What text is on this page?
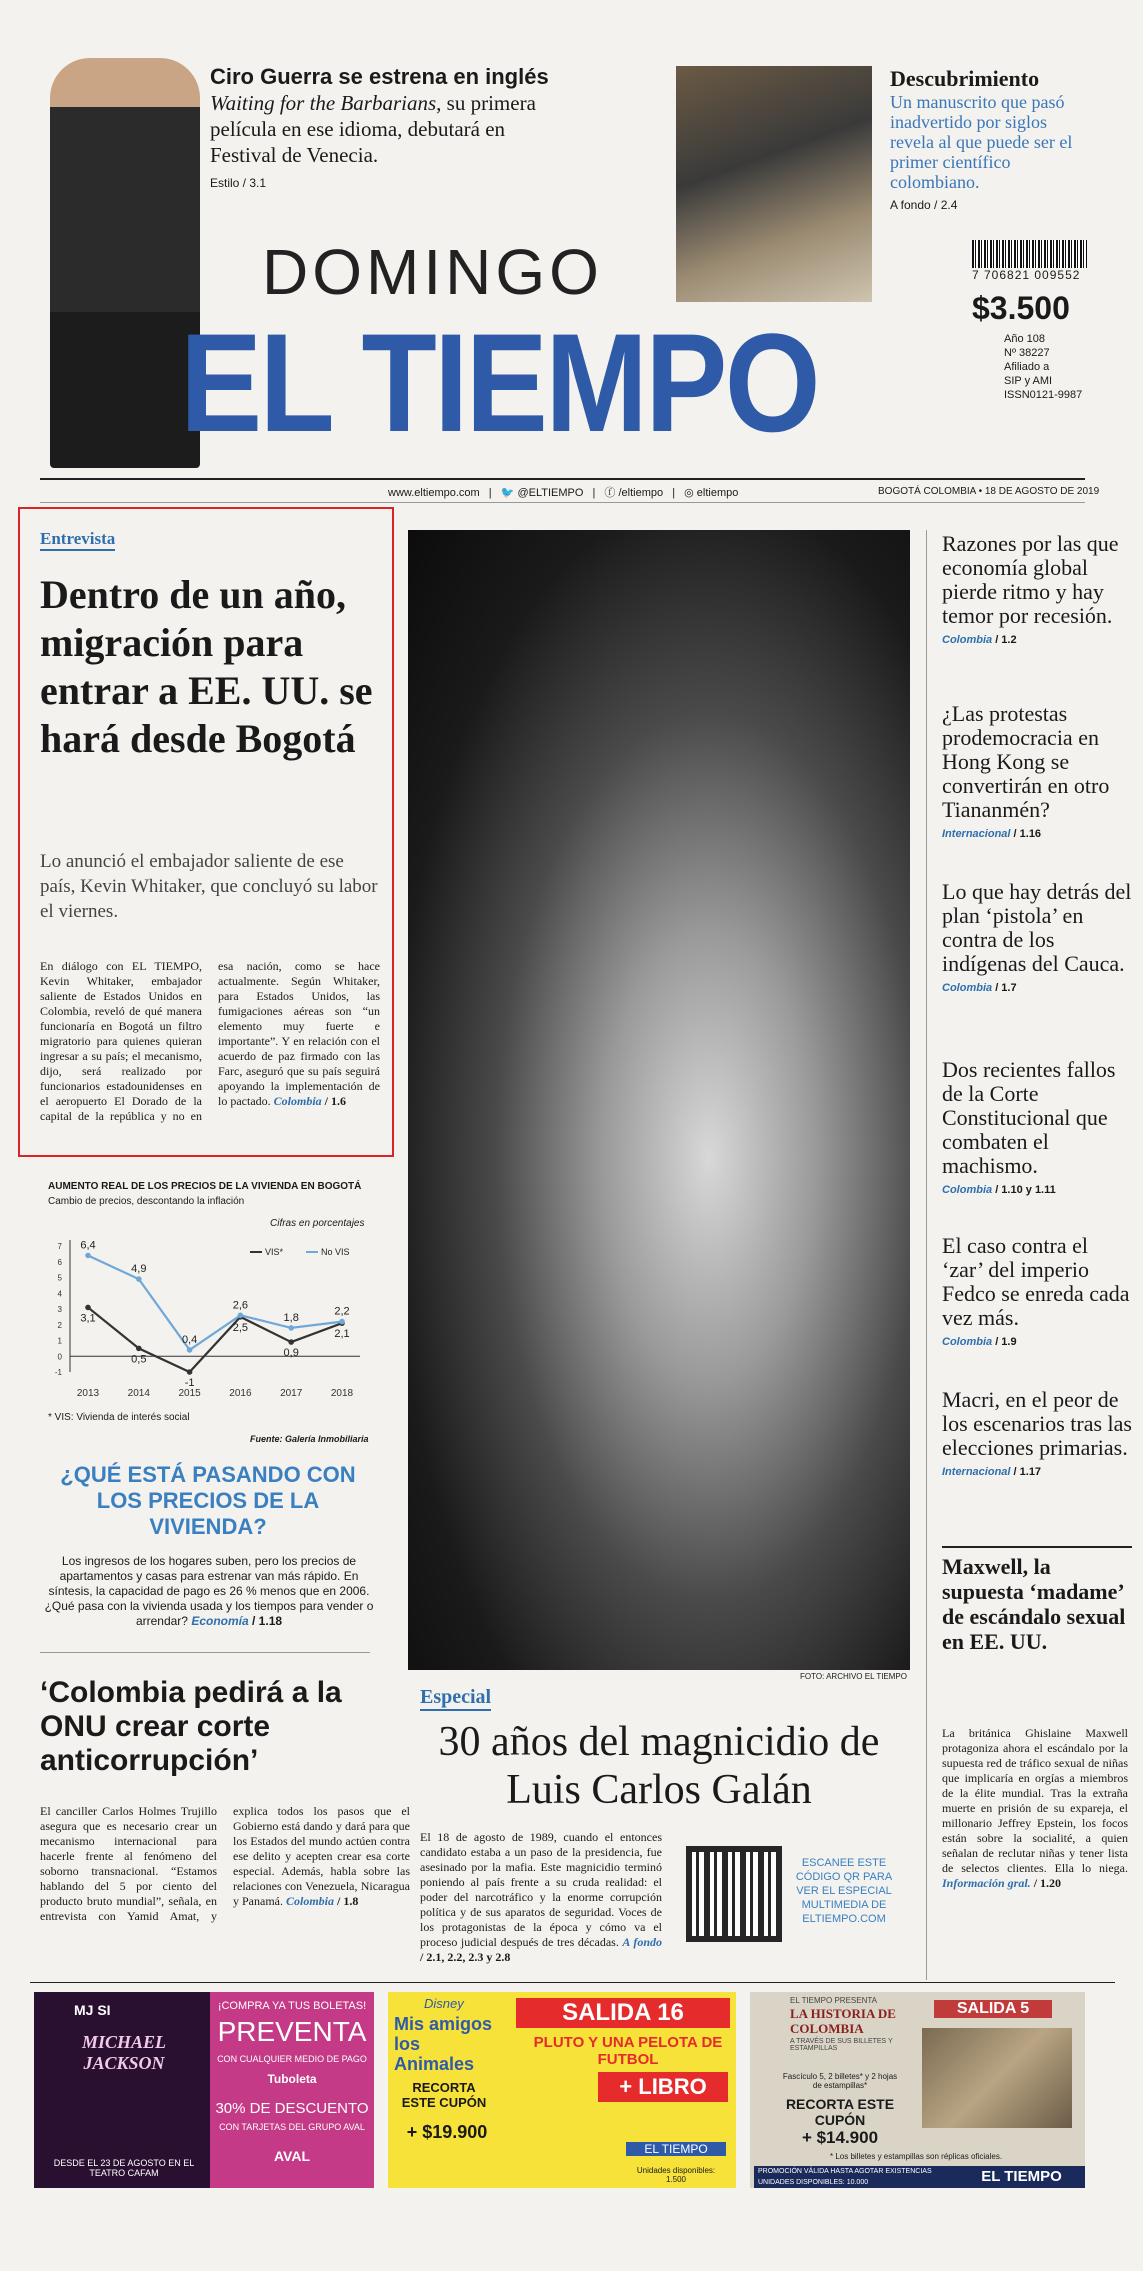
Ciro Guerra se estrena en inglés
Waiting for the Barbarians, su primera película en ese idioma, debutará en Festival de Venecia.
Estilo / 3.1
Descubrimiento
Un manuscrito que pasó inadvertido por siglos revela al que puede ser el primer científico colombiano.
A fondo / 2.4
7 706821 009552
DOMINGO
EL TIEMPO	$3.500
Año 108
Nº 38227
Afiliado a
SIP y AMI
ISSN0121-9987
www.eltiempo.com | 🐦 @ELTIEMPO | ⓕ /eltiempo | ◎ eltiempo	BOGOTÁ COLOMBIA • 18 DE AGOSTO DE 2019
Entrevista
Dentro de un año, migración para entrar a EE. UU. se hará desde Bogotá
Lo anunció el embajador saliente de ese país, Kevin Whitaker, que concluyó su labor el viernes.
En diálogo con EL TIEMPO, Kevin Whitaker, embajador saliente de Estados Unidos en Colombia, reveló de qué manera funcionaría en Bogotá un filtro migratorio para quienes quieran ingresar a su país; el mecanismo, dijo, será realizado por funcionarios estadounidenses en el aeropuerto El Dorado de la capital de la república y no en esa nación, como se hace actualmente. Según Whitaker, para Estados Unidos, las fumigaciones aéreas son “un elemento muy fuerte e importante”. Y en relación con el acuerdo de paz firmado con las Farc, aseguró que su país seguirá apoyando la implementación de lo pactado. Colombia / 1.6
AUMENTO REAL DE LOS PRECIOS DE LA VIVIENDA EN BOGOTÁ
Cambio de precios, descontando la inflación
Cifras en porcentajes
7
6
5
4
3
2
1
0
-1
2013	2014	2015	2016	2017	2018
3,1
0,5
-1
2,5
0,9
2,1
6,4
4,9
0,4
2,6
1,8
2,2
VIS*	No VIS
* VIS: Vivienda de interés social
Fuente: Galería Inmobiliaria
¿QUÉ ESTÁ PASANDO CON LOS PRECIOS DE LA VIVIENDA?
Los ingresos de los hogares suben, pero los precios de apartamentos y casas para estrenar van más rápido. En síntesis, la capacidad de pago es 26 % menos que en 2006. ¿Qué pasa con la vivienda usada y los tiempos para vender o arrendar? Economía / 1.18
‘Colombia pedirá a la ONU crear corte anticorrupción’
El canciller Carlos Holmes Trujillo asegura que es necesario crear un mecanismo internacional para hacerle frente al fenómeno del soborno transnacional. “Estamos hablando del 5 por ciento del producto bruto mundial”, señala, en entrevista con Yamid Amat, y explica todos los pasos que el Gobierno está dando y dará para que los Estados del mundo actúen contra ese delito y acepten crear esa corte especial. Además, habla sobre las relaciones con Venezuela, Nicaragua y Panamá. Colombia / 1.8
FOTO: ARCHIVO EL TIEMPO
Especial
30 años del magnicidio de Luis Carlos Galán
El 18 de agosto de 1989, cuando el entonces candidato estaba a un paso de la presidencia, fue asesinado por la mafia. Este magnicidio terminó poniendo al país frente a su cruda realidad: el poder del narcotráfico y la enorme corrupción política y de sus aparatos de seguridad. Voces de los protagonistas de la época y cómo va el proceso judicial después de tres décadas. A fondo / 2.1, 2.2, 2.3 y 2.8
ESCANEE ESTE CÓDIGO QR PARA VER EL ESPECIAL MULTIMEDIA DE ELTIEMPO.COM
Razones por las que economía global pierde ritmo y hay temor por recesión.
Colombia / 1.2
¿Las protestas prodemocracia en Hong Kong se convertirán en otro Tiananmén?
Internacional / 1.16
Lo que hay detrás del plan ‘pistola’ en contra de los indígenas del Cauca.
Colombia / 1.7
Dos recientes fallos de la Corte Constitucional que combaten el machismo.
Colombia / 1.10 y 1.11
El caso contra el ‘zar’ del imperio Fedco se enreda cada vez más.
Colombia / 1.9
Macri, en el peor de los escenarios tras las elecciones primarias.
Internacional / 1.17
Maxwell, la supuesta ‘madame’ de escándalo sexual en EE. UU.
La británica Ghislaine Maxwell protagoniza ahora el escándalo por la supuesta red de tráfico sexual de niñas que implicaría en orgías a miembros de la élite mundial. Tras la extraña muerte en prisión de su expareja, el millonario Jeffrey Epstein, los focos están sobre la socialité, a quien señalan de reclutar niñas y tener lista de selectos clientes. Ella lo niega. Información gral. / 1.20
MJ SI
MICHAEL JACKSON
DESDE EL 23 DE AGOSTO EN EL TEATRO CAFAM
¡COMPRA YA TUS BOLETAS!
PREVENTA
CON CUALQUIER MEDIO DE PAGO
Tuboleta
30% DE DESCUENTO
CON TARJETAS DEL GRUPO AVAL
AVAL
Disney
Mis amigos los Animales
SALIDA 16
PLUTO Y UNA PELOTA DE FUTBOL
+ LIBRO
RECORTA ESTE CUPÓN
+ $19.900
EL TIEMPO
Unidades disponibles: 1.500
EL TIEMPO PRESENTA
LA HISTORIA DE COLOMBIA
A TRAVÉS DE SUS BILLETES Y ESTAMPILLAS
SALIDA 5
Fascículo 5, 2 billetes* y 2 hojas de estampillas*
RECORTA ESTE CUPÓN
+ $14.900
* Los billetes y estampillas son réplicas oficiales.
PROMOCIÓN VÁLIDA HASTA AGOTAR EXISTENCIAS UNIDADES DISPONIBLES: 10.000	EL TIEMPO
